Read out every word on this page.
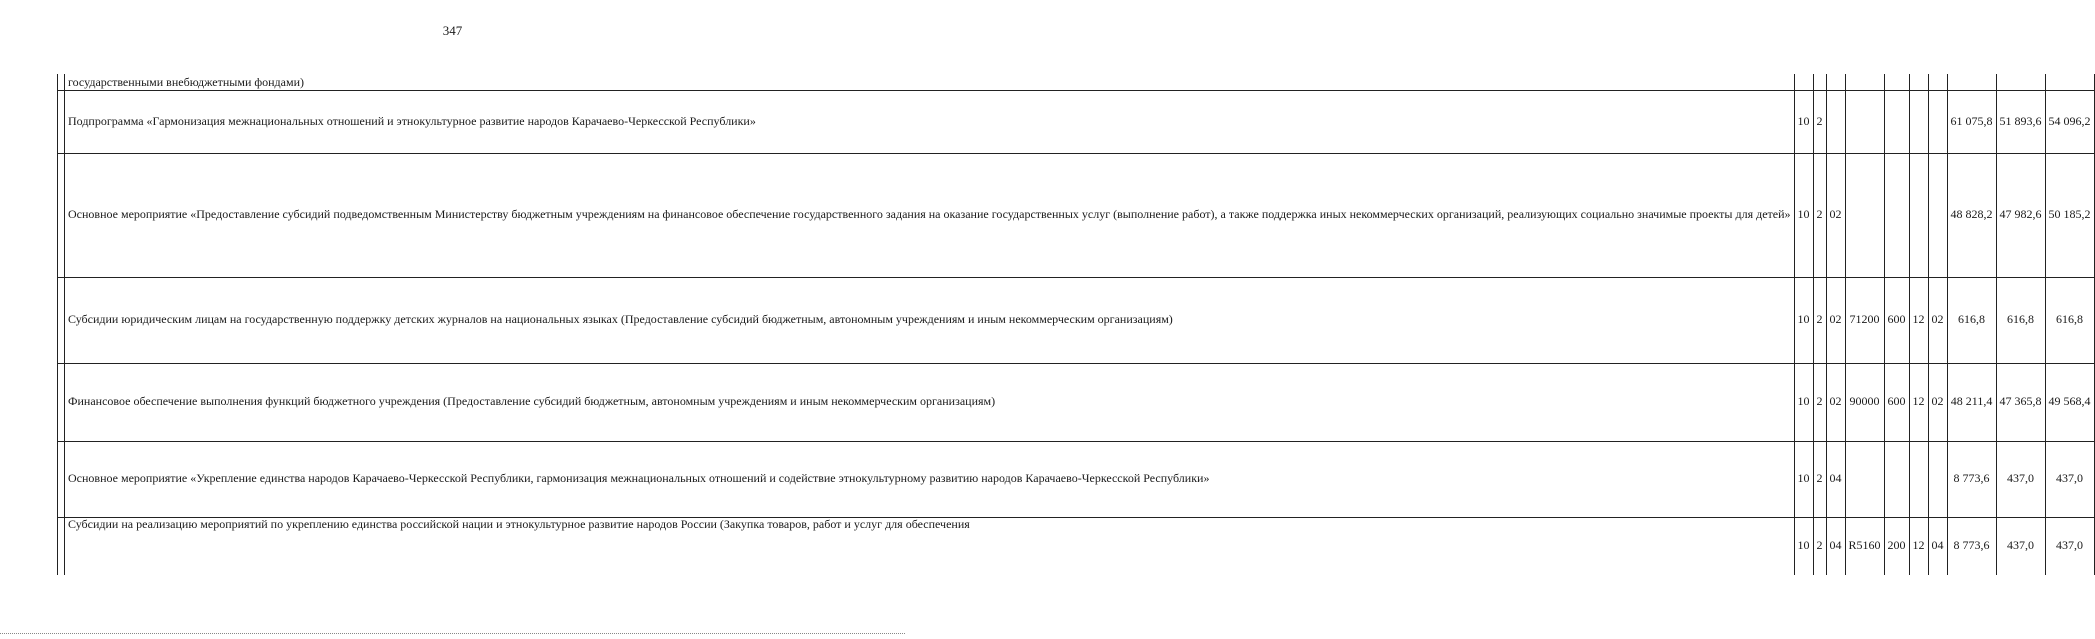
347
	государственными внебюджетными фондами)										
	Подпрограмма «Гармонизация межнациональных отношений и этнокультурное развитие народов Карачаево-Черкесской Республики»	10	2						61 075,8	51 893,6	54 096,2
	Основное мероприятие «Предоставление субсидий подведомственным Министерству бюджетным учреждениям на финансовое обеспечение государственного задания на оказание государственных услуг (выполнение работ), а также поддержка иных некоммерческих организаций, реализующих социально значимые проекты для детей»	10	2	02					48 828,2	47 982,6	50 185,2
	Субсидии юридическим лицам на государственную поддержку детских журналов на национальных языках (Предоставление субсидий бюджетным, автономным учреждениям и иным некоммерческим организациям)	10	2	02	71200	600	12	02	616,8	616,8	616,8
	Финансовое обеспечение выполнения функций бюджетного учреждения (Предоставление субсидий бюджетным, автономным учреждениям и иным некоммерческим организациям)	10	2	02	90000	600	12	02	48 211,4	47 365,8	49 568,4
	Основное мероприятие «Укрепление единства народов Карачаево-Черкесской Республики, гармонизация межнациональных отношений и содействие этнокультурному развитию народов Карачаево-Черкесской Республики»	10	2	04					8 773,6	437,0	437,0
	Субсидии на реализацию мероприятий по укреплению единства российской нации и этнокультурное развитие народов России (Закупка товаров, работ и услуг для обеспечения	10	2	04	R5160	200	12	04	8 773,6	437,0	437,0
